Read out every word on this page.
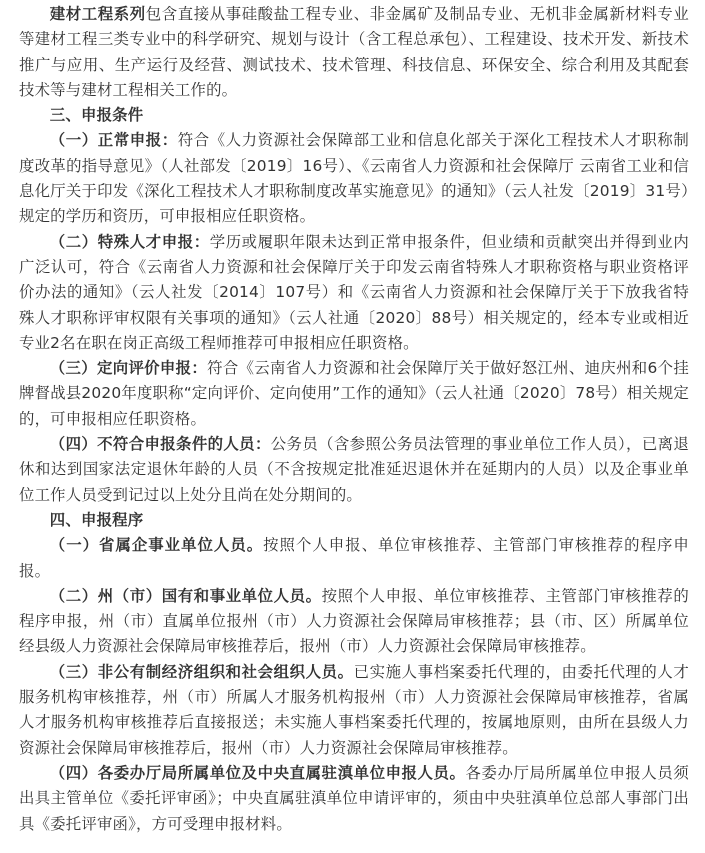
建材工程系列包含直接从事硅酸盐工程专业、非金属矿及制品专业、无机非金属新材料专业等建材工程三类专业中的科学研究、规划与设计（含工程总承包）、工程建设、技术开发、新技术推广与应用、生产运行及经营、测试技术、技术管理、科技信息、环保安全、综合利用及其配套技术等与建材工程相关工作的。

三、申报条件

（一）正常申报：符合《人力资源社会保障部工业和信息化部关于深化工程技术人才职称制度改革的指导意见》（人社部发〔2019〕16号）、《云南省人力资源和社会保障厅 云南省工业和信息化厅关于印发《深化工程技术人才职称制度改革实施意见》的通知》（云人社发〔2019〕31号）规定的学历和资历，可申报相应任职资格。

（二）特殊人才申报：学历或履职年限未达到正常申报条件，但业绩和贡献突出并得到业内广泛认可，符合《云南省人力资源和社会保障厅关于印发云南省特殊人才职称资格与职业资格评价办法的通知》（云人社发〔2014〕107号）和《云南省人力资源和社会保障厅关于下放我省特殊人才职称评审权限有关事项的通知》（云人社通〔2020〕88号）相关规定的，经本专业或相近专业2名在职在岗正高级工程师推荐可申报相应任职资格。

（三）定向评价申报：符合《云南省人力资源和社会保障厅关于做好怒江州、迪庆州和6个挂牌督战县2020年度职称“定向评价、定向使用”工作的通知》（云人社通〔2020〕78号）相关规定的，可申报相应任职资格。

（四）不符合申报条件的人员：公务员（含参照公务员法管理的事业单位工作人员），已离退休和达到国家法定退休年龄的人员（不含按规定批准延迟退休并在延期内的人员）以及企事业单位工作人员受到记过以上处分且尚在处分期间的。

四、申报程序

（一）省属企事业单位人员。按照个人申报、单位审核推荐、主管部门审核推荐的程序申报。

（二）州（市）国有和事业单位人员。按照个人申报、单位审核推荐、主管部门审核推荐的程序申报，州（市）直属单位报州（市）人力资源社会保障局审核推荐；县（市、区）所属单位经县级人力资源社会保障局审核推荐后，报州（市）人力资源社会保障局审核推荐。

（三）非公有制经济组织和社会组织人员。已实施人事档案委托代理的，由委托代理的人才服务机构审核推荐，州（市）所属人才服务机构报州（市）人力资源社会保障局审核推荐，省属人才服务机构审核推荐后直接报送；未实施人事档案委托代理的，按属地原则，由所在县级人力资源社会保障局审核推荐后，报州（市）人力资源社会保障局审核推荐。

（四）各委办厅局所属单位及中央直属驻滇单位申报人员。各委办厅局所属单位申报人员须出具主管单位《委托评审函》；中央直属驻滇单位申请评审的，须由中央驻滇单位总部人事部门出具《委托评审函》，方可受理申报材料。
